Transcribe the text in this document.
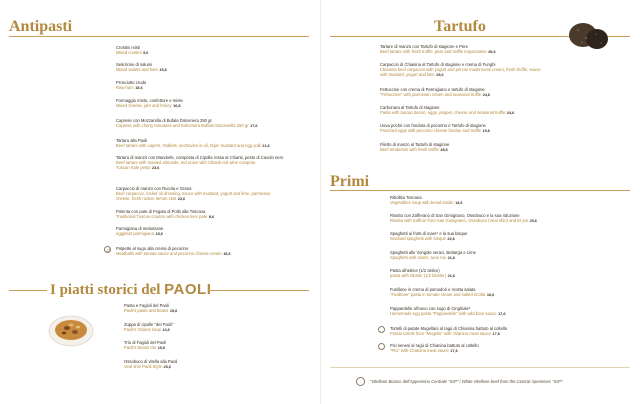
Antipasti
Crostini misti
Mixed crostini 9,6
Selezione di salumi
Mixed salami and ham 15,6
Prosciutto crudo
Raw ham 15,6
Formaggio misto, confetture e miele
Mixed cheese, jam and honey 16,8
Caprese con Mozzarella di Bufala Dolcenera 250 gr
Caprese with cherry tomatoes and Dolcenera Buffalo Mozzarella 250 gr 17,6
Tartara alla Paoli
Beef tartare with capers, shallots, anchovies in oil, Dijon mustard and egg yolk 21,6
Tartara di manzo con Mandorle, composta di Cipolla rossa al Chianti, pesto di Cavolo nero
Beef tartare with toasted almonds, red onion with Chianti red wine compote,
Tuscan Kale pesto 23,6
Carpaccio di manzo con Rucola e Grana
Beef carpaccio, rocket oil dressing, sauce with mustard, yogurt and lime, parmesan
cheese, fresh rocket, lemon zest 23,6
Polenta con pate di Fegato di Pollo alla Toscana
Traditional Tuscan crouton with chicken liver pate 8,6
Parmigiana di melanzane
eggplant parmigiana 15,6
Polpette al sugo alla crema di pecorino
Meatballs with tomato sauce and pecorino cheese cream 15,6
I piatti storici del PAOLI
Pasta e Fagioli del Paoli
Paoli's pasta and beans 15,6
Zuppa di cipolle "del Paoli"
Paoli's Onions soup 13,6
Trio di Fagioli del Paoli
Paoli's Beans trio 15,6
Ossobuco di vitella alla Paoli
Veal shin Paoli Style 25,6
Tartufo
Tartare di manzo con Tartufo di stagione e Pere
Beef tartare with fresh truffle, pear and truffle mayonnaise 29,6
Carpaccio di Chianina al Tartufo di stagione e crema di Funghi
Chianina beef carpaccio with yogurt and porcini mushrooms cream, fresh truffle, sauce
with mustard, yogurt and lime 29,6
Fettuccine con crema di Parmigiano e tartufo di stagione
"Fettuccine" with parmesan cream and seasonal truffle 24,6
Carbonara al Tartufo di stagione
Pasta with tuscan bacon, eggs, pepper, cheese and seasonal truffle 24,6
Uova pochè con fonduta di pecorino e Tartufo di stagione
Poached eggs with pecorino cheese fondue and truffle 19,6
Filetto di manzo al Tartufo di stagione
Beef tenderloin with fresh truffle 45,6
Primi
Ribollita Toscana
Vegetables soup with bread inside 13,6
Risotto con Zafferano di San Gimignano, Ossobuco e la sua riduzione
Risotto with Saffron from San Gimignano, Ossobuco (Veal shin) and its jus 25,6
Spaghetti ai frutti di mare* e la sua bisque
Seafood spaghetti with bisque 22,6
Spaghetti alle Vongole veraci, Bottarga e Lime
Spaghetti with clams, tuna roe 21,6
Pasta all'astice (1/2 astice)
pasta with lobster (1/2 lobster) 21,6
Fusillone in crema di pomodori e ricotta salata
"Fusillone" pasta in tomato cream and salted ricotta 16,6
Pappardelle all'uovo con sugo di Cinghiale*
Homemade egg pasta "Pappardelle" with wild boar sauce 17,6
Tortelli di patate Mugellani al ragù di Chianina battuto al coltello
Potato tortelli from "Mugello" with chianina meat sauce 17,6
Pici senesi al ragù di Chianina battuto al coltello
"Pici" with Chianina meat sauce 17,6
"Vitellone Bianco dell'Appennino Centrale "IGP" / White Vitellone beef from the Central Apennines "IGP".
